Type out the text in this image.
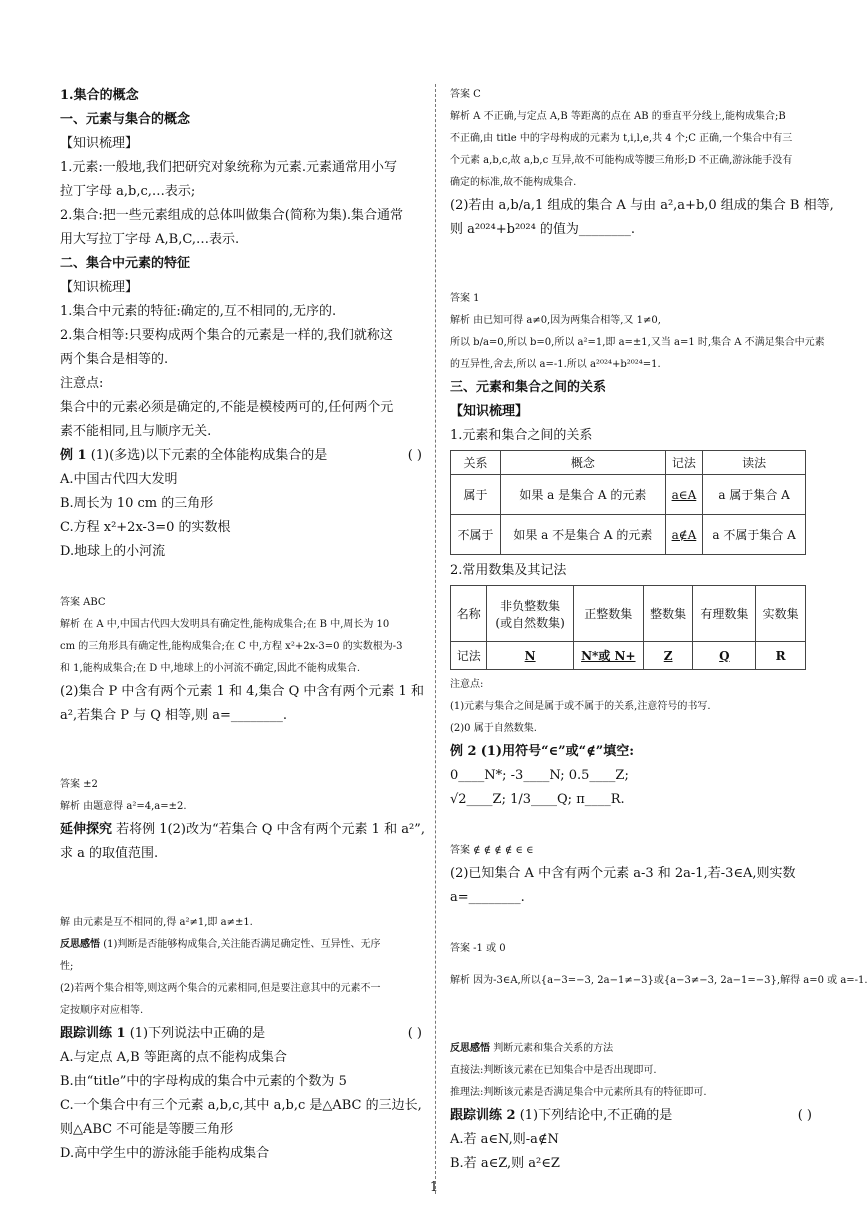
1.集合的概念
一、元素与集合的概念
【知识梳理】
1.元素:一般地,我们把研究对象统称为元素.元素通常用小写
拉丁字母 a,b,c,…表示;
2.集合:把一些元素组成的总体叫做集合(简称为集).集合通常
用大写拉丁字母 A,B,C,…表示.
二、集合中元素的特征
【知识梳理】
1.集合中元素的特征:确定的,互不相同的,无序的.
2.集合相等:只要构成两个集合的元素是一样的,我们就称这
两个集合是相等的.
注意点:
集合中的元素必须是确定的,不能是模棱两可的,任何两个元
素不能相同,且与顺序无关.
例 1 (1)(多选)以下元素的全体能构成集合的是	( )
A.中国古代四大发明
B.周长为 10 cm 的三角形
C.方程 x²+2x-3=0 的实数根
D.地球上的小河流
答案 ABC
解析 在 A 中,中国古代四大发明具有确定性,能构成集合;在 B 中,周长为 10
cm 的三角形具有确定性,能构成集合;在 C 中,方程 x²+2x-3=0 的实数根为-3
和 1,能构成集合;在 D 中,地球上的小河流不确定,因此不能构成集合.
(2)集合 P 中含有两个元素 1 和 4,集合 Q 中含有两个元素 1 和
a²,若集合 P 与 Q 相等,则 a=________.
答案 ±2
解析 由题意得 a²=4,a=±2.
延伸探究 若将例 1(2)改为“若集合 Q 中含有两个元素 1 和 a²”,
求 a 的取值范围.
解 由元素是互不相同的,得 a²≠1,即 a≠±1.
反思感悟 (1)判断是否能够构成集合,关注能否满足确定性、互异性、无序
性;
(2)若两个集合相等,则这两个集合的元素相同,但是要注意其中的元素不一
定按顺序对应相等.
跟踪训练 1 (1)下列说法中正确的是	( )
A.与定点 A,B 等距离的点不能构成集合
B.由“title”中的字母构成的集合中元素的个数为 5
C.一个集合中有三个元素 a,b,c,其中 a,b,c 是△ABC 的三边长,
则△ABC 不可能是等腰三角形
D.高中学生中的游泳能手能构成集合
答案 C
解析 A 不正确,与定点 A,B 等距离的点在 AB 的垂直平分线上,能构成集合;B
不正确,由 title 中的字母构成的元素为 t,i,l,e,共 4 个;C 正确,一个集合中有三
个元素 a,b,c,故 a,b,c 互异,故不可能构成等腰三角形;D 不正确,游泳能手没有
确定的标准,故不能构成集合.
(2)若由 a,b/a,1 组成的集合 A 与由 a²,a+b,0 组成的集合 B 相等,
则 a²⁰²⁴+b²⁰²⁴ 的值为________.
答案 1
解析 由已知可得 a≠0,因为两集合相等,又 1≠0,
所以 b/a=0,所以 b=0,所以 a²=1,即 a=±1,又当 a=1 时,集合 A 不满足集合中元素
的互异性,舍去,所以 a=-1.所以 a²⁰²⁴+b²⁰²⁴=1.
三、元素和集合之间的关系
【知识梳理】
1.元素和集合之间的关系
关系	概念	记法	读法
属于	如果 a 是集合 A 的元素	a∈A	a 属于集合 A
不属于	如果 a 不是集合 A 的元素	a∉A	a 不属于集合 A
2.常用数集及其记法
名称	非负整数集
(或自然数集)	正整数集	整数集	有理数集	实数集
记法	N	N*或 N+	Z	Q	R
注意点:
(1)元素与集合之间是属于或不属于的关系,注意符号的书写.
(2)0 属于自然数集.
例 2 (1)用符号“∈”或“∉”填空:
0____N*; -3____N; 0.5____Z;
√2____Z; 1/3____Q; π____R.
答案 ∉ ∉ ∉ ∉ ∈ ∈
(2)已知集合 A 中含有两个元素 a-3 和 2a-1,若-3∈A,则实数
a=________.
答案 -1 或 0
解析 因为-3∈A,所以{a−3=−3, 2a−1≠−3}或{a−3≠−3, 2a−1=−3},解得 a=0 或 a=-1.
反思感悟 判断元素和集合关系的方法
直接法:判断该元素在已知集合中是否出现即可.
推理法:判断该元素是否满足集合中元素所具有的特征即可.
跟踪训练 2 (1)下列结论中,不正确的是	( )
A.若 a∈N,则-a∉N
B.若 a∈Z,则 a²∈Z
1
